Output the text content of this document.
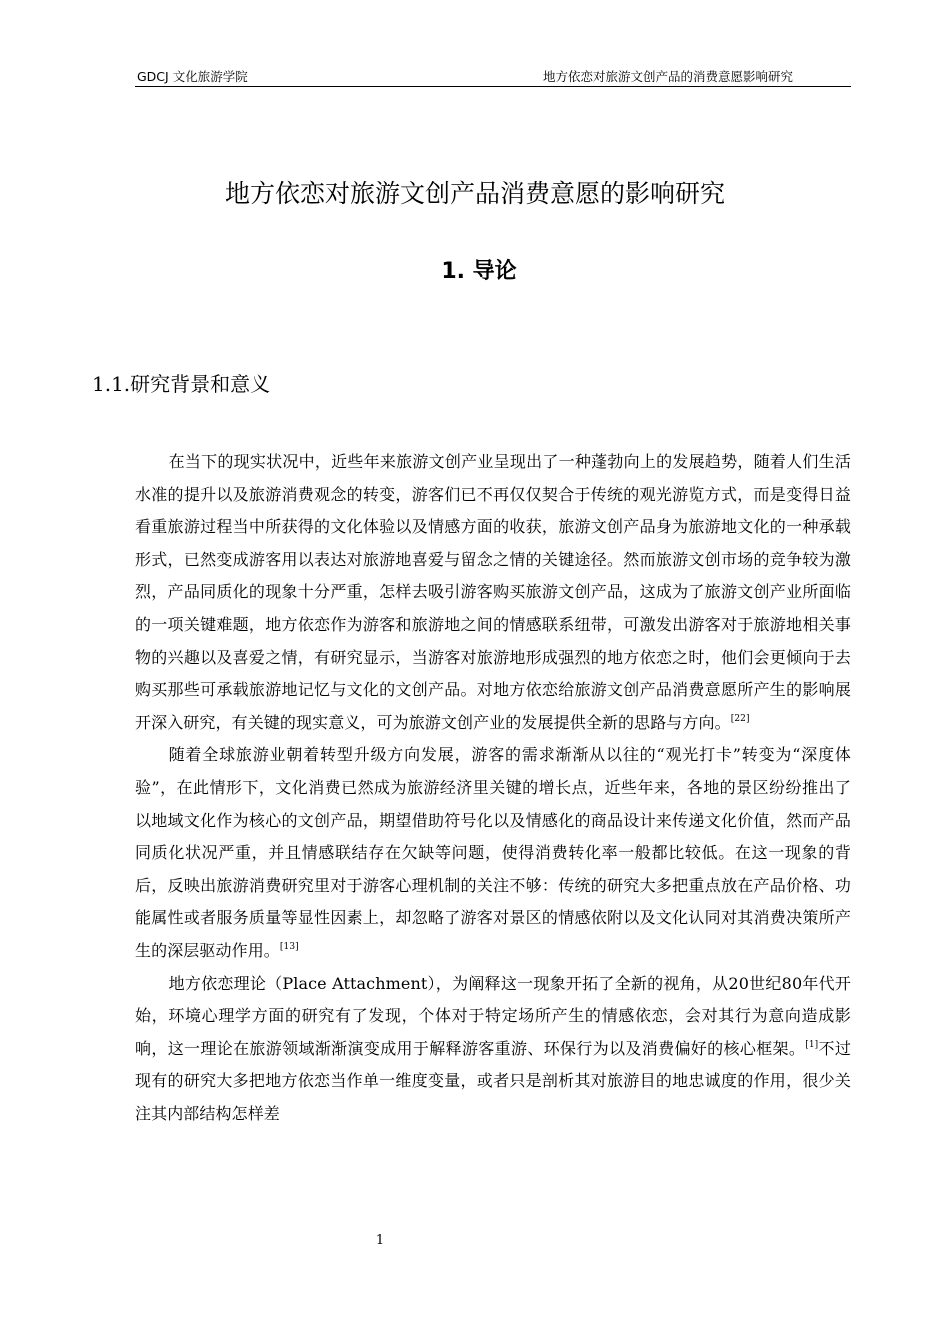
GDCJ 文化旅游学院	地方依恋对旅游文创产品的消费意愿影响研究
地方依恋对旅游文创产品消费意愿的影响研究
1. 导论
1.1.研究背景和意义

在当下的现实状况中，近些年来旅游文创产业呈现出了一种蓬勃向上的发展趋势，随着人们生活水准的提升以及旅游消费观念的转变，游客们已不再仅仅契合于传统的观光游览方式，而是变得日益看重旅游过程当中所获得的文化体验以及情感方面的收获，旅游文创产品身为旅游地文化的一种承载形式，已然变成游客用以表达对旅游地喜爱与留念之情的关键途径。然而旅游文创市场的竞争较为激烈，产品同质化的现象十分严重，怎样去吸引游客购买旅游文创产品，这成为了旅游文创产业所面临的一项关键难题，地方依恋作为游客和旅游地之间的情感联系纽带，可激发出游客对于旅游地相关事物的兴趣以及喜爱之情，有研究显示，当游客对旅游地形成强烈的地方依恋之时，他们会更倾向于去购买那些可承载旅游地记忆与文化的文创产品。对地方依恋给旅游文创产品消费意愿所产生的影响展开深入研究，有关键的现实意义，可为旅游文创产业的发展提供全新的思路与方向。[22]

随着全球旅游业朝着转型升级方向发展，游客的需求渐渐从以往的“观光打卡”转变为“深度体验”，在此情形下，文化消费已然成为旅游经济里关键的增长点，近些年来，各地的景区纷纷推出了以地域文化作为核心的文创产品，期望借助符号化以及情感化的商品设计来传递文化价值，然而产品同质化状况严重，并且情感联结存在欠缺等问题，使得消费转化率一般都比较低。在这一现象的背后，反映出旅游消费研究里对于游客心理机制的关注不够：传统的研究大多把重点放在产品价格、功能属性或者服务质量等显性因素上，却忽略了游客对景区的情感依附以及文化认同对其消费决策所产生的深层驱动作用。[13]

地方依恋理论（Place Attachment），为阐释这一现象开拓了全新的视角，从20世纪80年代开始，环境心理学方面的研究有了发现，个体对于特定场所产生的情感依恋，会对其行为意向造成影响，这一理论在旅游领域渐渐演变成用于解释游客重游、环保行为以及消费偏好的核心框架。[1]不过现有的研究大多把地方依恋当作单一维度变量，或者只是剖析其对旅游目的地忠诚度的作用，很少关注其内部结构怎样差

1
